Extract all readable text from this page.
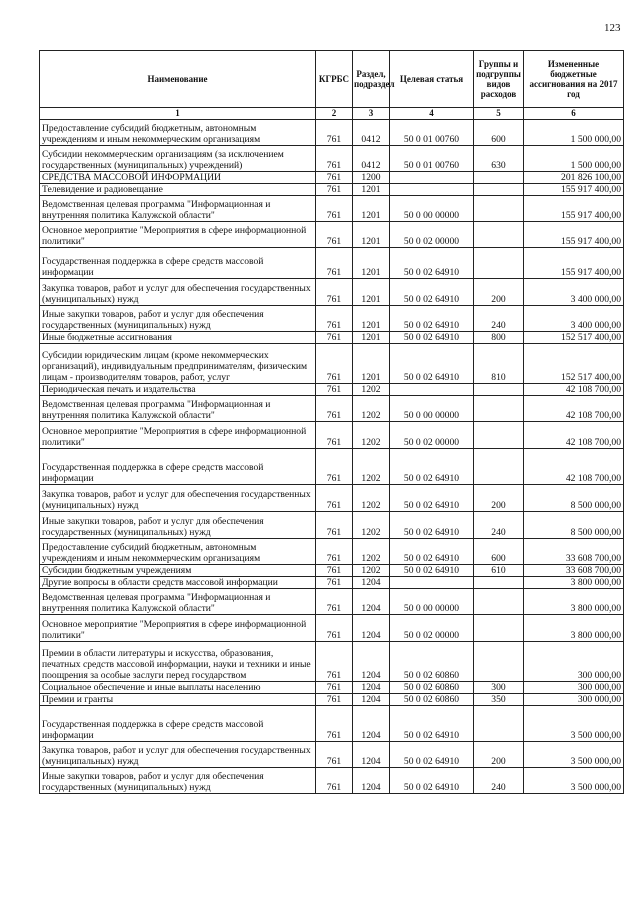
123
Наименование	КГРБС	Раздел, подраздел	Целевая статья	Группы и подгруппы видов расходов	Измененные бюджетные ассигнования на 2017 год
1	2	3	4	5	6
Предоставление субсидий бюджетным, автономным учреждениям и иным некоммерческим организациям	761	0412	50 0 01 00760	600	1 500 000,00
Субсидии некоммерческим организациям (за исключением государственных (муниципальных) учреждений)	761	0412	50 0 01 00760	630	1 500 000,00
СРЕДСТВА МАССОВОЙ ИНФОРМАЦИИ	761	1200			201 826 100,00
Телевидение и радиовещание	761	1201			155 917 400,00
Ведомственная целевая программа "Информационная и внутренняя политика Калужской области"	761	1201	50 0 00 00000		155 917 400,00
Основное мероприятие "Мероприятия в сфере информационной политики"	761	1201	50 0 02 00000		155 917 400,00
Государственная поддержка в сфере средств массовой информации	761	1201	50 0 02 64910		155 917 400,00
Закупка товаров, работ и услуг для обеспечения государственных (муниципальных) нужд	761	1201	50 0 02 64910	200	3 400 000,00
Иные закупки товаров, работ и услуг для обеспечения государственных (муниципальных) нужд	761	1201	50 0 02 64910	240	3 400 000,00
Иные бюджетные ассигнования	761	1201	50 0 02 64910	800	152 517 400,00
Субсидии юридическим лицам (кроме некоммерческих организаций), индивидуальным предпринимателям, физическим лицам - производителям товаров, работ, услуг	761	1201	50 0 02 64910	810	152 517 400,00
Периодическая печать и издательства	761	1202			42 108 700,00
Ведомственная целевая программа "Информационная и внутренняя политика Калужской области"	761	1202	50 0 00 00000		42 108 700,00
Основное мероприятие "Мероприятия в сфере информационной политики"	761	1202	50 0 02 00000		42 108 700,00
Государственная поддержка в сфере средств массовой информации	761	1202	50 0 02 64910		42 108 700,00
Закупка товаров, работ и услуг для обеспечения государственных (муниципальных) нужд	761	1202	50 0 02 64910	200	8 500 000,00
Иные закупки товаров, работ и услуг для обеспечения государственных (муниципальных) нужд	761	1202	50 0 02 64910	240	8 500 000,00
Предоставление субсидий бюджетным, автономным учреждениям и иным некоммерческим организациям	761	1202	50 0 02 64910	600	33 608 700,00
Субсидии бюджетным учреждениям	761	1202	50 0 02 64910	610	33 608 700,00
Другие вопросы в области средств массовой информации	761	1204			3 800 000,00
Ведомственная целевая программа "Информационная и внутренняя политика Калужской области"	761	1204	50 0 00 00000		3 800 000,00
Основное мероприятие "Мероприятия в сфере информационной политики"	761	1204	50 0 02 00000		3 800 000,00
Премии в области литературы и искусства, образования, печатных средств массовой информации, науки и техники и иные поощрения за особые заслуги перед государством	761	1204	50 0 02 60860		300 000,00
Социальное обеспечение и иные выплаты населению	761	1204	50 0 02 60860	300	300 000,00
Премии и гранты	761	1204	50 0 02 60860	350	300 000,00
Государственная поддержка в сфере средств массовой информации	761	1204	50 0 02 64910		3 500 000,00
Закупка товаров, работ и услуг для обеспечения государственных (муниципальных) нужд	761	1204	50 0 02 64910	200	3 500 000,00
Иные закупки товаров, работ и услуг для обеспечения государственных (муниципальных) нужд	761	1204	50 0 02 64910	240	3 500 000,00
